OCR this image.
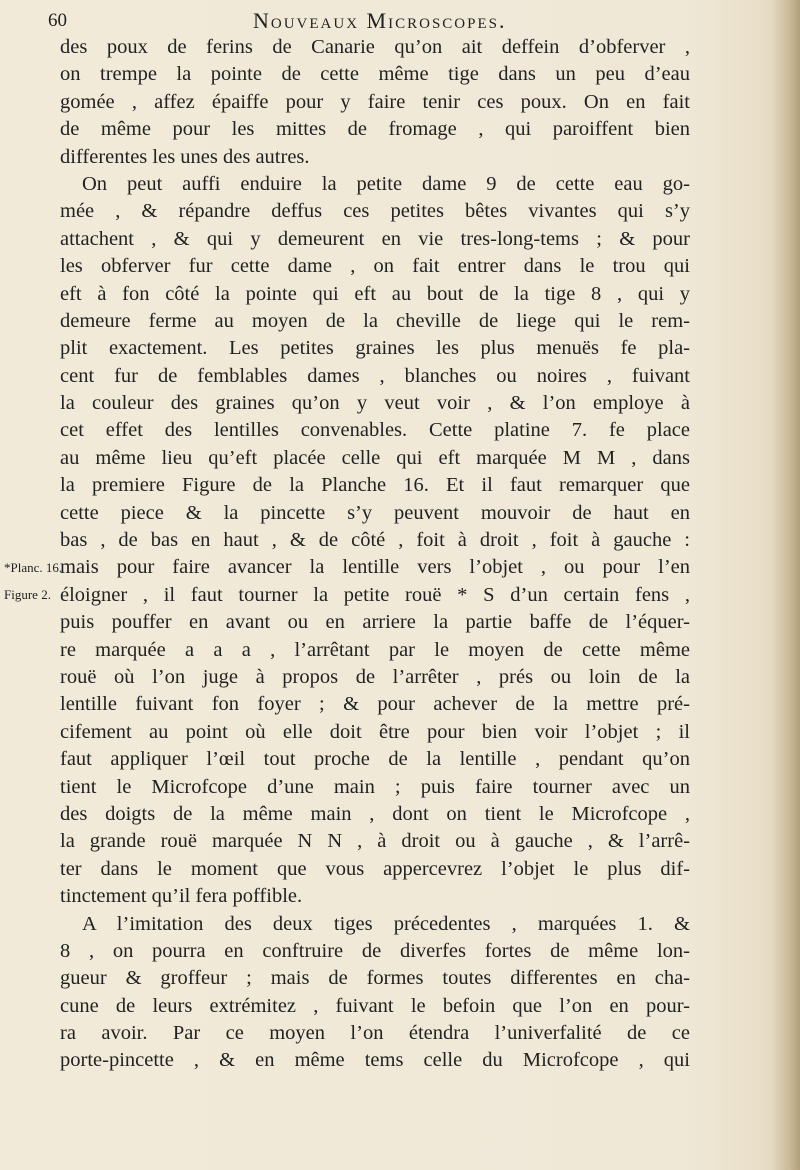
60	Nouveaux Microscopes.
*Planc. 16.
Figure 2.
des poux de ferins de Canarie qu’on ait deffein d’obferver ,
on trempe la pointe de cette même tige dans un peu d’eau
gomée , affez épaiffe pour y faire tenir ces poux. On en fait
de même pour les mittes de fromage , qui paroiffent bien
differentes les unes des autres.
On peut auffi enduire la petite dame 9 de cette eau go-
mée , & répandre deffus ces petites bêtes vivantes qui s’y
attachent , & qui y demeurent en vie tres-long-tems ; & pour
les obferver fur cette dame , on fait entrer dans le trou qui
eft à fon côté la pointe qui eft au bout de la tige 8 , qui y
demeure ferme au moyen de la cheville de liege qui le rem-
plit exactement. Les petites graines les plus menuës fe pla-
cent fur de femblables dames , blanches ou noires , fuivant
la couleur des graines qu’on y veut voir , & l’on employe à
cet effet des lentilles convenables. Cette platine 7. fe place
au même lieu qu’eft placée celle qui eft marquée M M , dans
la premiere Figure de la Planche 16. Et il faut remarquer que
cette piece & la pincette s’y peuvent mouvoir de haut en
bas , de bas en haut , & de côté , foit à droit , foit à gauche :
mais pour faire avancer la lentille vers l’objet , ou pour l’en
éloigner , il faut tourner la petite rouë * S d’un certain fens ,
puis pouffer en avant ou en arriere la partie baffe de l’équer-
re marquée a a a , l’arrêtant par le moyen de cette même
rouë où l’on juge à propos de l’arrêter , prés ou loin de la
lentille fuivant fon foyer ; & pour achever de la mettre pré-
cifement au point où elle doit être pour bien voir l’objet ; il
faut appliquer l’œil tout proche de la lentille , pendant qu’on
tient le Microfcope d’une main ; puis faire tourner avec un
des doigts de la même main , dont on tient le Microfcope ,
la grande rouë marquée N N , à droit ou à gauche , & l’arrê-
ter dans le moment que vous appercevrez l’objet le plus dif-
tinctement qu’il fera poffible.
A l’imitation des deux tiges précedentes , marquées 1. &
8 , on pourra en conftruire de diverfes fortes de même lon-
gueur & groffeur ; mais de formes toutes differentes en cha-
cune de leurs extrémitez , fuivant le befoin que l’on en pour-
ra avoir. Par ce moyen l’on étendra l’univerfalité de ce
porte-pincette , & en même tems celle du Microfcope , qui
